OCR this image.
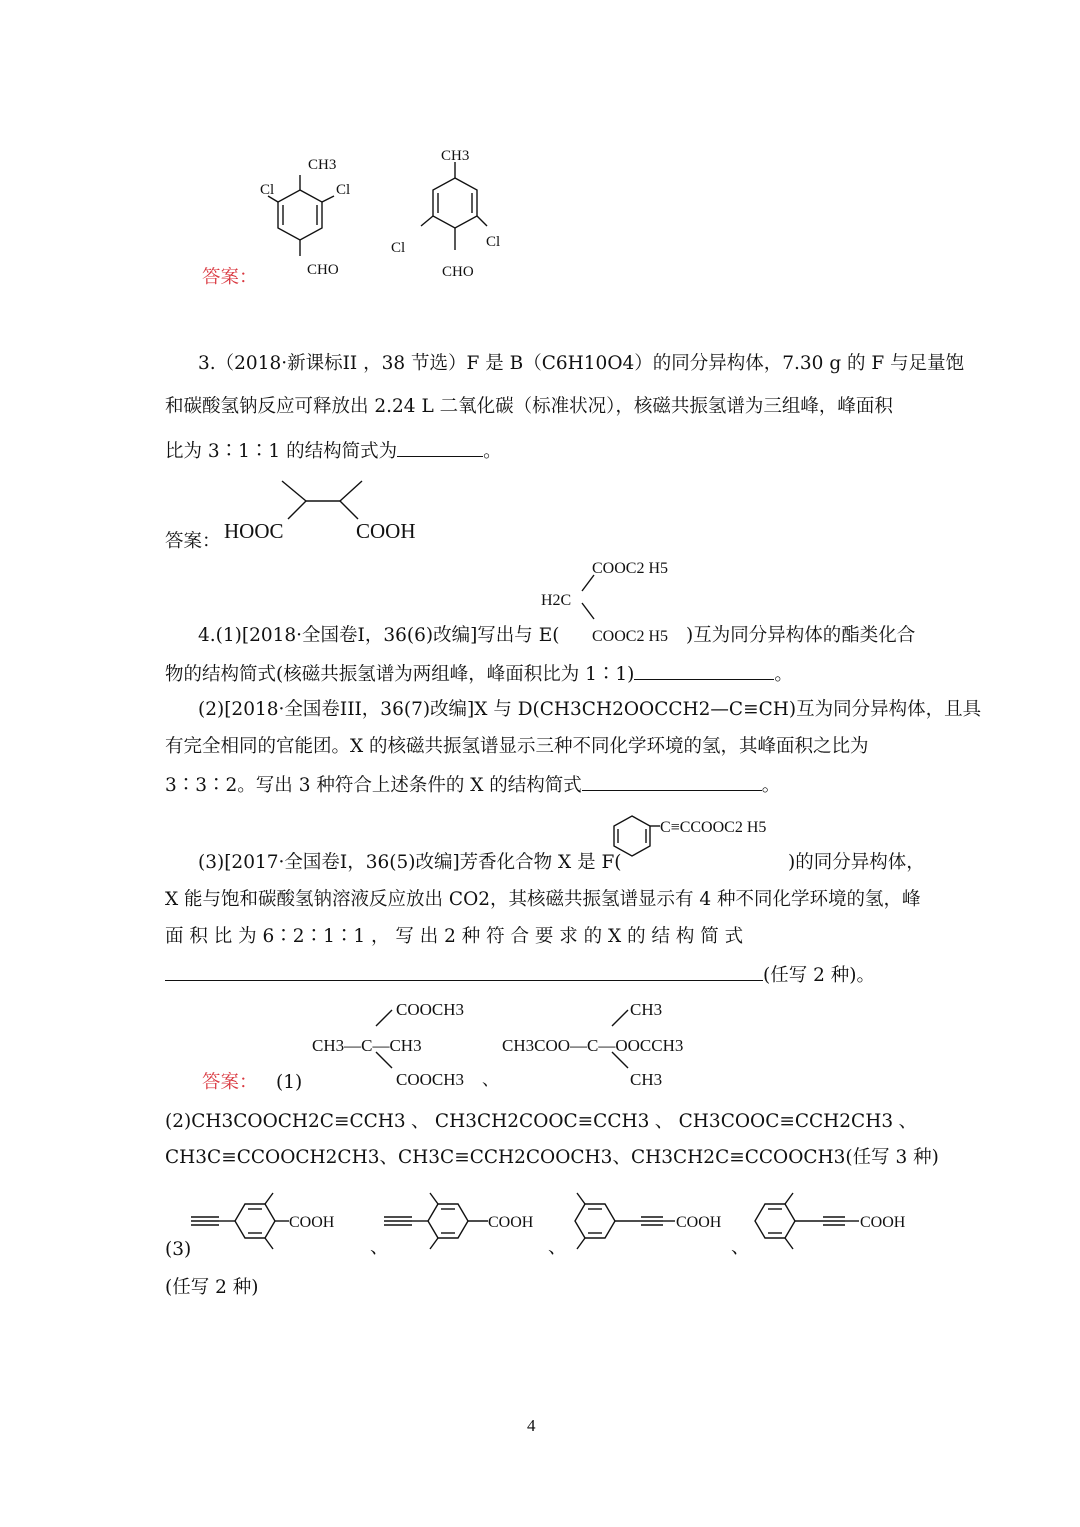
CH3
Cl	Cl
CHO
CH3
Cl	Cl
CHO
答案：
3.（2018·新课标II ，38 节选）F 是 B（C6H10O4）的同分异构体，7.30 g 的 F 与足量饱
和碳酸氢钠反应可释放出 2.24 L 二氧化碳（标准状况），核磁共振氢谱为三组峰，峰面积
比为 3∶1∶1 的结构简式为	。
HOOC	COOH
答案：
COOC2 H5
H2C
COOC2 H5
4.(1)[2018·全国卷I，36(6)改编]写出与 E(	)互为同分异构体的酯类化合
物的结构简式(核磁共振氢谱为两组峰，峰面积比为 1∶1)	。
(2)[2018·全国卷III，36(7)改编]X 与 D(CH3CH2OOCCH2—C≡CH)互为同分异构体，且具
有完全相同的官能团。X 的核磁共振氢谱显示三种不同化学环境的氢，其峰面积之比为
3∶3∶2。写出 3 种符合上述条件的 X 的结构简式	。
C≡CCOOC2 H5
(3)[2017·全国卷I，36(5)改编]芳香化合物 X 是 F(	)的同分异构体，
X 能与饱和碳酸氢钠溶液反应放出 CO2，其核磁共振氢谱显示有 4 种不同化学环境的氢，峰
面 积 比 为 6∶2∶1∶1 ， 写 出 2 种 符 合 要 求 的 X 的 结 构 简 式
(任写 2 种)。
答案： (1)
COOCH3
CH3—C—CH3
COOCH3 、
CH3
CH3COO—C—OOCCH3
CH3
(2)CH3COOCH2C≡CCH3 、 CH3CH2COOC≡CCH3 、 CH3COOC≡CCH2CH3 、
CH3C≡CCOOCH2CH3、CH3C≡CCH2COOCH3、CH3CH2C≡CCOOCH3(任写 3 种)
COOH
、
COOH
、
COOH
、
COOH
(3)
(任写 2 种)
4
